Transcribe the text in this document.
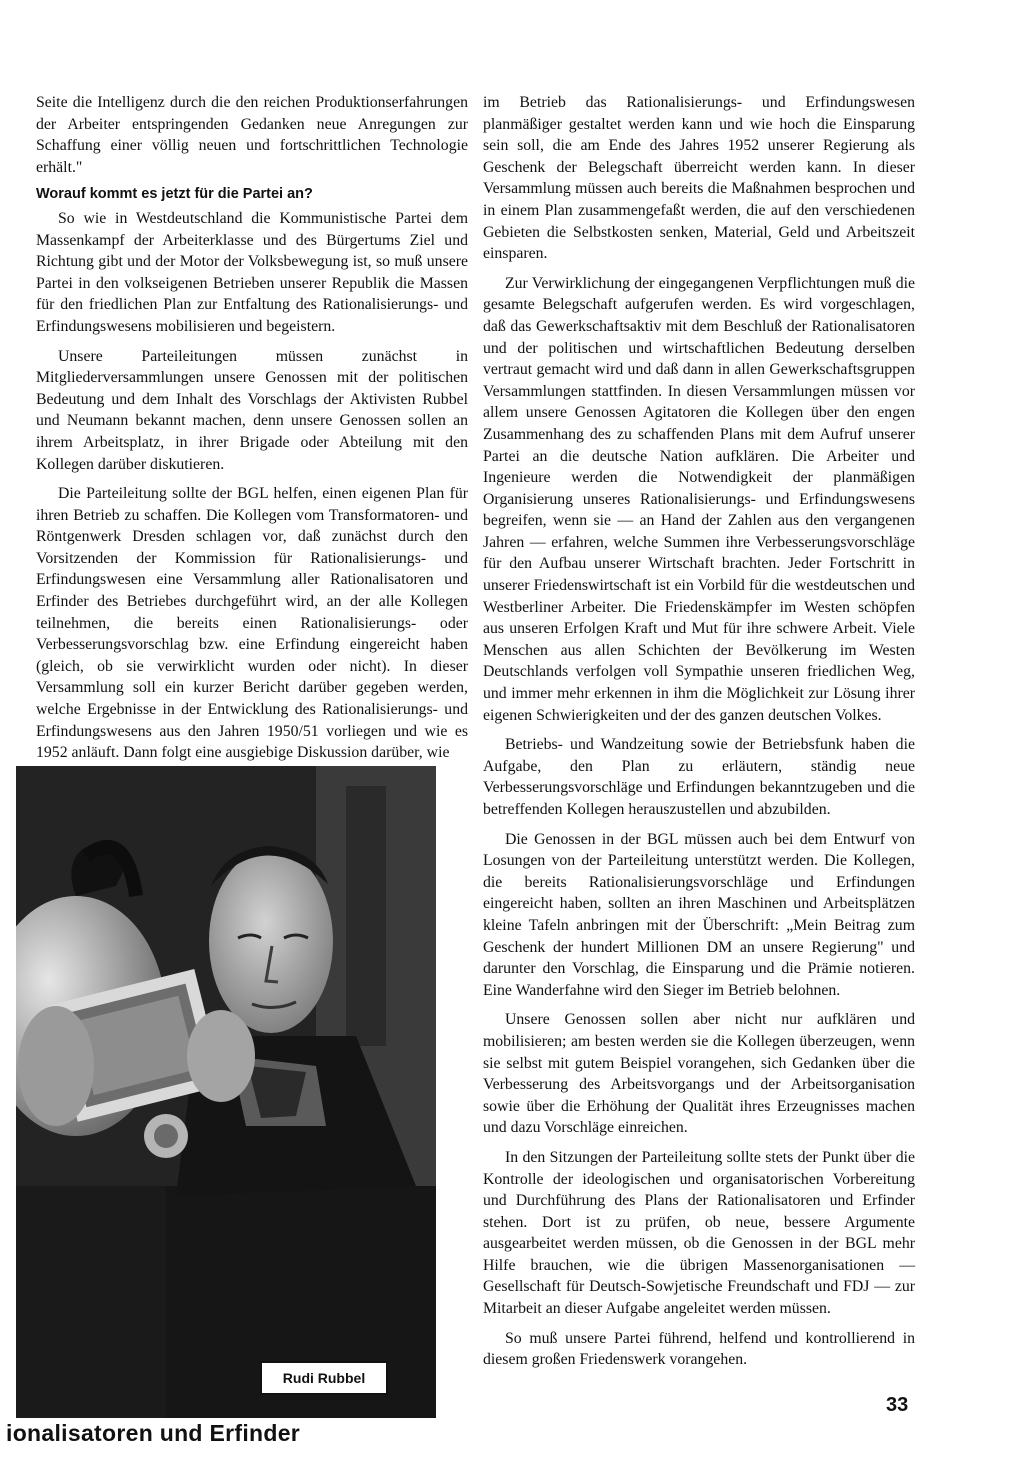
Seite die Intelligenz durch die den reichen Produktionserfahrungen der Arbeiter entspringenden Gedanken neue Anregungen zur Schaffung einer völlig neuen und fortschrittlichen Technologie erhält."

Worauf kommt es jetzt für die Partei an?

So wie in Westdeutschland die Kommunistische Partei dem Massenkampf der Arbeiterklasse und des Bürgertums Ziel und Richtung gibt und der Motor der Volksbewegung ist, so muß unsere Partei in den volkseigenen Betrieben unserer Republik die Massen für den friedlichen Plan zur Entfaltung des Rationalisierungs- und Erfindungswesens mobilisieren und begeistern.

Unsere Parteileitungen müssen zunächst in Mitgliederversammlungen unsere Genossen mit der politischen Bedeutung und dem Inhalt des Vorschlags der Aktivisten Rubbel und Neumann bekannt machen, denn unsere Genossen sollen an ihrem Arbeitsplatz, in ihrer Brigade oder Abteilung mit den Kollegen darüber diskutieren.

Die Parteileitung sollte der BGL helfen, einen eigenen Plan für ihren Betrieb zu schaffen. Die Kollegen vom Transformatoren- und Röntgenwerk Dresden schlagen vor, daß zunächst durch den Vorsitzenden der Kommission für Rationalisierungs- und Erfindungswesen eine Versammlung aller Rationalisatoren und Erfinder des Betriebes durchgeführt wird, an der alle Kollegen teilnehmen, die bereits einen Rationalisierungs- oder Verbesserungsvorschlag bzw. eine Erfindung eingereicht haben (gleich, ob sie verwirklicht wurden oder nicht). In dieser Versammlung soll ein kurzer Bericht darüber gegeben werden, welche Ergebnisse in der Entwicklung des Rationalisierungs- und Erfindungswesens aus den Jahren 1950/51 vorliegen und wie es 1952 anläuft. Dann folgt eine ausgiebige Diskussion darüber, wie

im Betrieb das Rationalisierungs- und Erfindungswesen planmäßiger gestaltet werden kann und wie hoch die Einsparung sein soll, die am Ende des Jahres 1952 unserer Regierung als Geschenk der Belegschaft überreicht werden kann. In dieser Versammlung müssen auch bereits die Maßnahmen besprochen und in einem Plan zusammengefaßt werden, die auf den verschiedenen Gebieten die Selbstkosten senken, Material, Geld und Arbeitszeit einsparen.

Zur Verwirklichung der eingegangenen Verpflichtungen muß die gesamte Belegschaft aufgerufen werden. Es wird vorgeschlagen, daß das Gewerkschaftsaktiv mit dem Beschluß der Rationalisatoren und der politischen und wirtschaftlichen Bedeutung derselben vertraut gemacht wird und daß dann in allen Gewerkschaftsgruppen Versammlungen stattfinden. In diesen Versammlungen müssen vor allem unsere Genossen Agitatoren die Kollegen über den engen Zusammenhang des zu schaffenden Plans mit dem Aufruf unserer Partei an die deutsche Nation aufklären. Die Arbeiter und Ingenieure werden die Notwendigkeit der planmäßigen Organisierung unseres Rationalisierungs- und Erfindungswesens begreifen, wenn sie — an Hand der Zahlen aus den vergangenen Jahren — erfahren, welche Summen ihre Verbesserungsvorschläge für den Aufbau unserer Wirtschaft brachten. Jeder Fortschritt in unserer Friedenswirtschaft ist ein Vorbild für die westdeutschen und Westberliner Arbeiter. Die Friedenskämpfer im Westen schöpfen aus unseren Erfolgen Kraft und Mut für ihre schwere Arbeit. Viele Menschen aus allen Schichten der Bevölkerung im Westen Deutschlands verfolgen voll Sympathie unseren friedlichen Weg, und immer mehr erkennen in ihm die Möglichkeit zur Lösung ihrer eigenen Schwierigkeiten und der des ganzen deutschen Volkes.

Betriebs- und Wandzeitung sowie der Betriebsfunk haben die Aufgabe, den Plan zu erläutern, ständig neue Verbesserungsvorschläge und Erfindungen bekanntzugeben und die betreffenden Kollegen herauszustellen und abzubilden.

Die Genossen in der BGL müssen auch bei dem Entwurf von Losungen von der Parteileitung unterstützt werden. Die Kollegen, die bereits Rationalisierungsvorschläge und Erfindungen eingereicht haben, sollten an ihren Maschinen und Arbeitsplätzen kleine Tafeln anbringen mit der Überschrift: „Mein Beitrag zum Geschenk der hundert Millionen DM an unsere Regierung" und darunter den Vorschlag, die Einsparung und die Prämie notieren. Eine Wanderfahne wird den Sieger im Betrieb belohnen.

Unsere Genossen sollen aber nicht nur aufklären und mobilisieren; am besten werden sie die Kollegen überzeugen, wenn sie selbst mit gutem Beispiel vorangehen, sich Gedanken über die Verbesserung des Arbeitsvorgangs und der Arbeitsorganisation sowie über die Erhöhung der Qualität ihres Erzeugnisses machen und dazu Vorschläge einreichen.

In den Sitzungen der Parteileitung sollte stets der Punkt über die Kontrolle der ideologischen und organisatorischen Vorbereitung und Durchführung des Plans der Rationalisatoren und Erfinder stehen. Dort ist zu prüfen, ob neue, bessere Argumente ausgearbeitet werden müssen, ob die Genossen in der BGL mehr Hilfe brauchen, wie die übrigen Massenorganisationen — Gesellschaft für Deutsch-Sowjetische Freundschaft und FDJ — zur Mitarbeit an dieser Aufgabe angeleitet werden müssen.

So muß unsere Partei führend, helfend und kontrollierend in diesem großen Friedenswerk vorangehen.

Rudi Rubbel
33
ionalisatoren und Erfinder
